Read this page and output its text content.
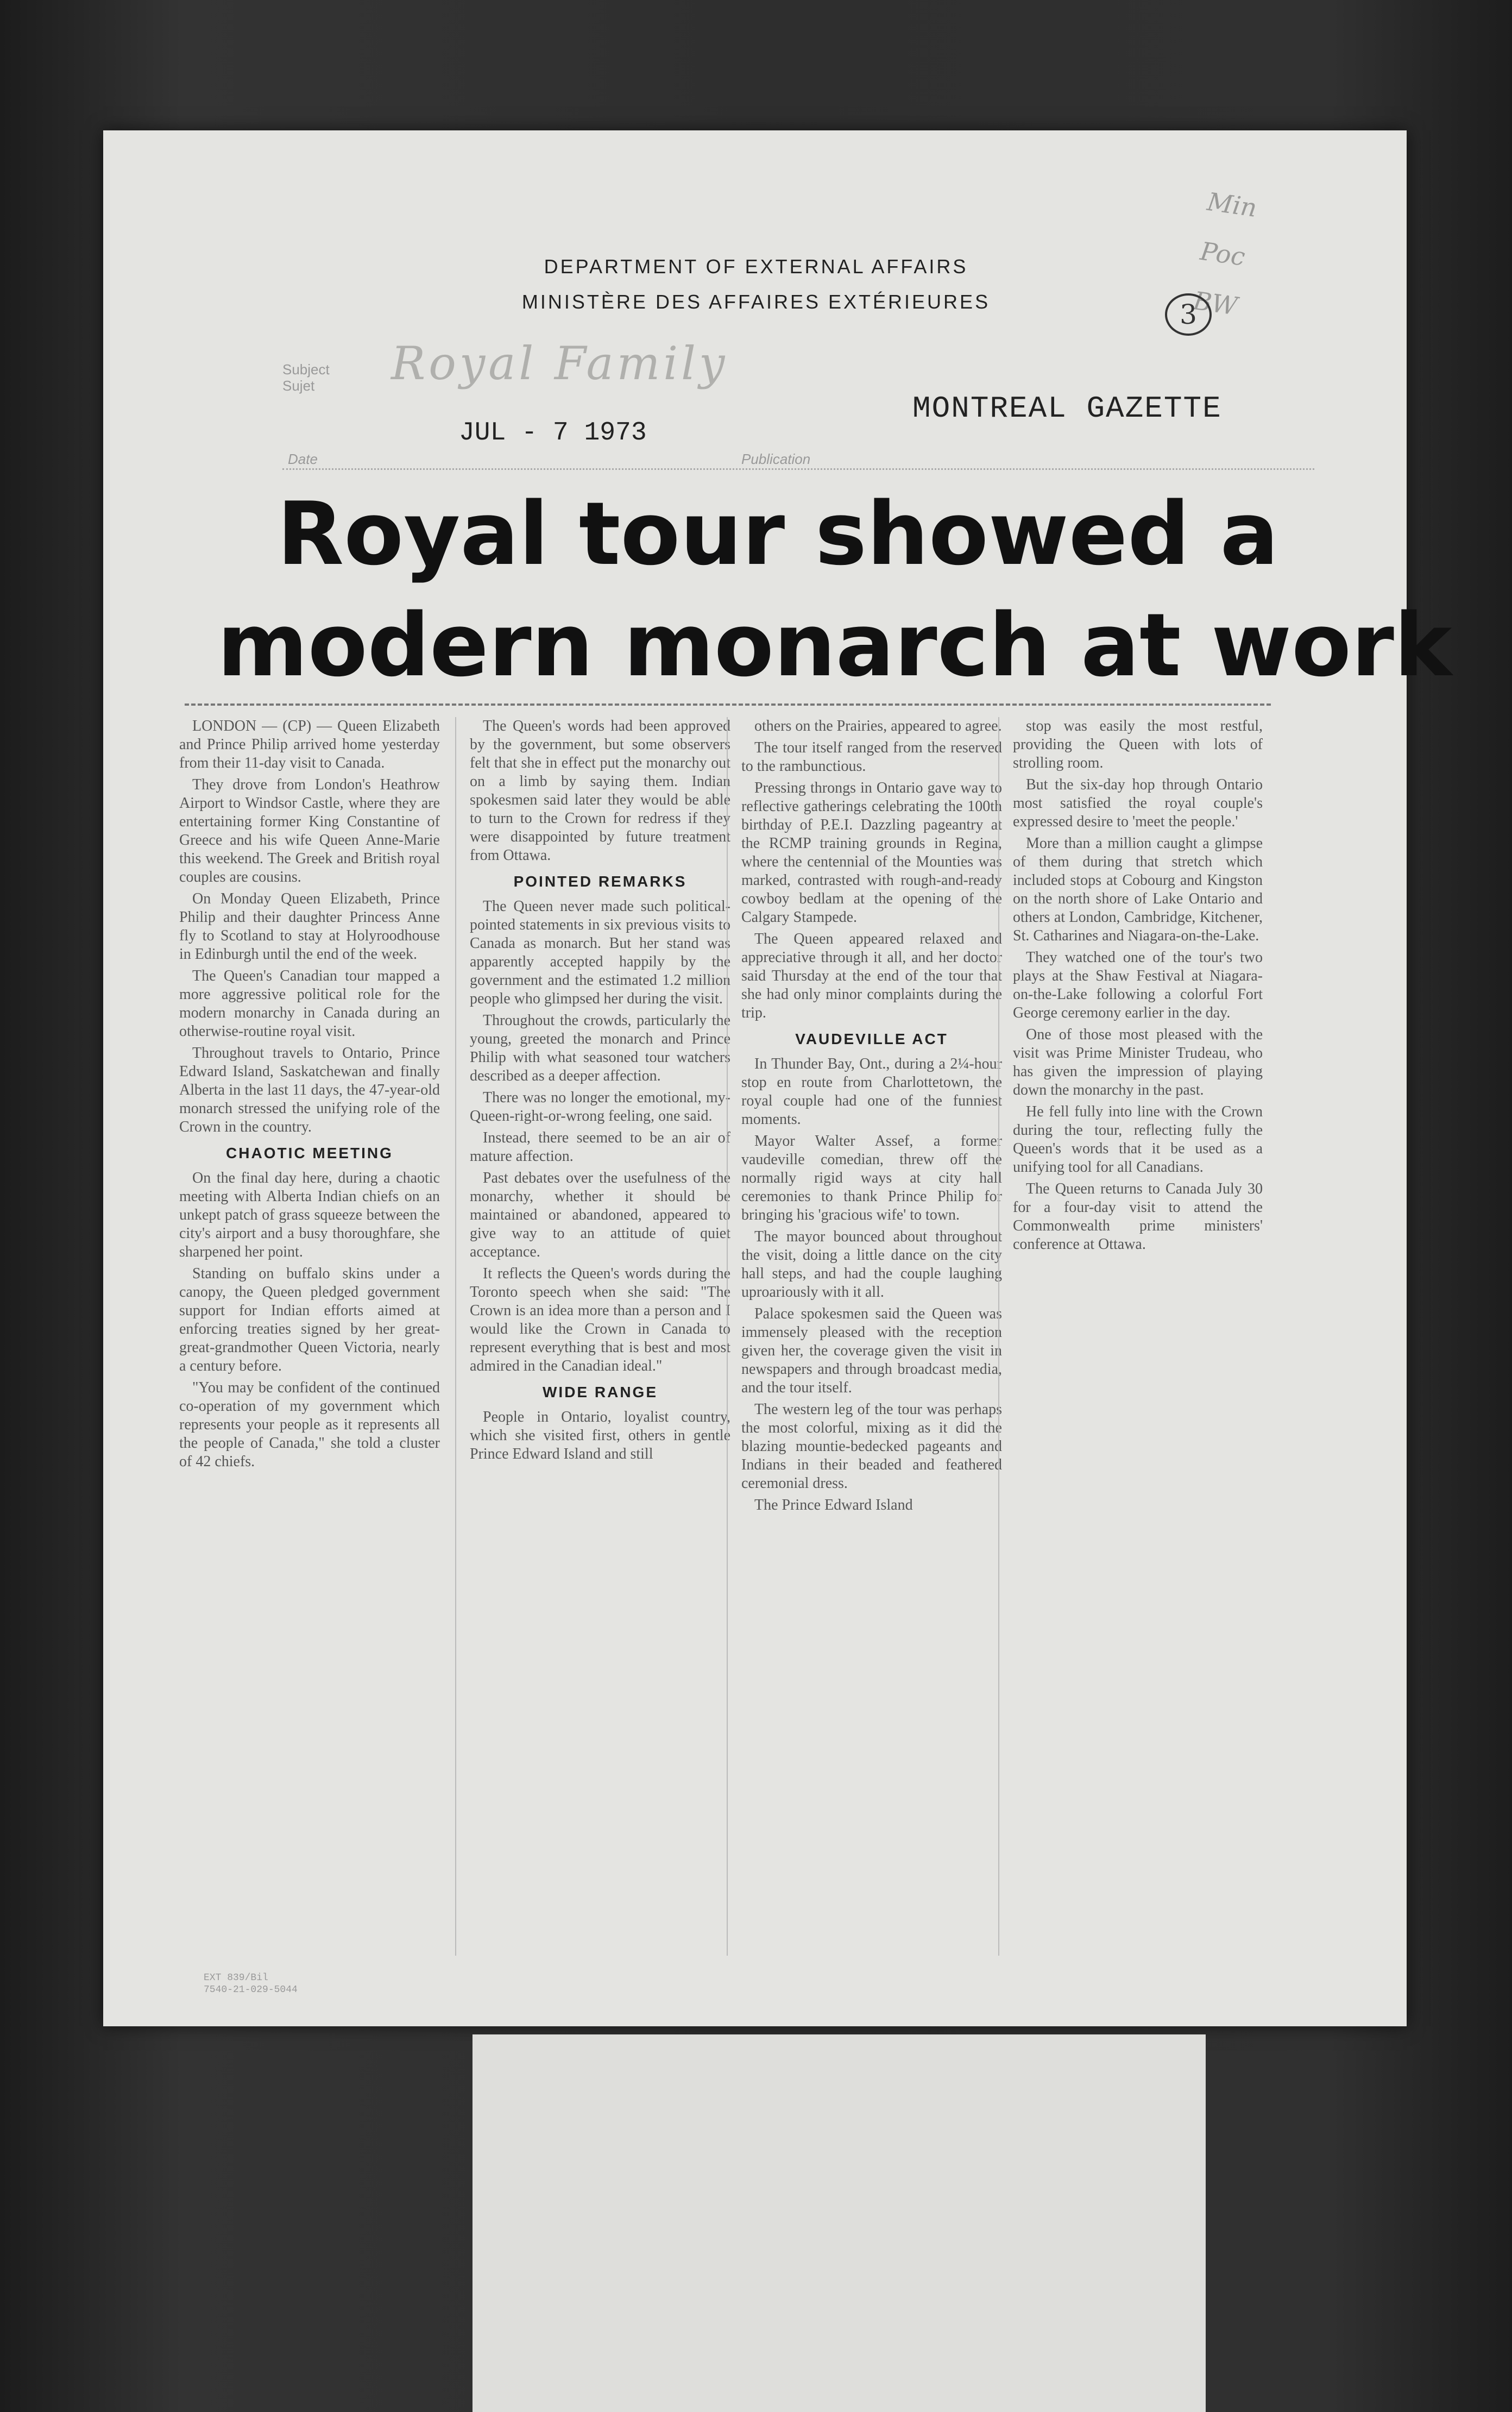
DEPARTMENT OF EXTERNAL AFFAIRS
MINISTÈRE DES AFFAIRES EXTÉRIEURES
Min
Poc
BW
3
Subject
Sujet	Royal Family
JUL - 7 1973
MONTREAL GAZETTE
Date	Publication
Royal tour showed a
modern monarch at work

LONDON — (CP) — Queen Elizabeth and Prince Philip arrived home yesterday from their 11-day visit to Canada.

They drove from London's Heathrow Airport to Windsor Castle, where they are entertaining former King Constantine of Greece and his wife Queen Anne-Marie this weekend. The Greek and British royal couples are cousins.

On Monday Queen Elizabeth, Prince Philip and their daughter Princess Anne fly to Scotland to stay at Holyroodhouse in Edinburgh until the end of the week.

The Queen's Canadian tour mapped a more aggressive political role for the modern monarchy in Canada during an otherwise-routine royal visit.

Throughout travels to Ontario, Prince Edward Island, Saskatchewan and finally Alberta in the last 11 days, the 47-year-old monarch stressed the unifying role of the Crown in the country.

CHAOTIC MEETING

On the final day here, during a chaotic meeting with Alberta Indian chiefs on an unkept patch of grass squeeze between the city's airport and a busy thoroughfare, she sharpened her point.

Standing on buffalo skins under a canopy, the Queen pledged government support for Indian efforts aimed at enforcing treaties signed by her great-great-grandmother Queen Victoria, nearly a century before.

"You may be confident of the continued co-operation of my government which represents your people as it represents all the people of Canada," she told a cluster of 42 chiefs.

The Queen's words had been approved by the government, but some observers felt that she in effect put the monarchy out on a limb by saying them. Indian spokesmen said later they would be able to turn to the Crown for redress if they were disappointed by future treatment from Ottawa.

POINTED REMARKS

The Queen never made such political-pointed statements in six previous visits to Canada as monarch. But her stand was apparently accepted happily by the government and the estimated 1.2 million people who glimpsed her during the visit.

Throughout the crowds, particularly the young, greeted the monarch and Prince Philip with what seasoned tour watchers described as a deeper affection.

There was no longer the emotional, my-Queen-right-or-wrong feeling, one said.

Instead, there seemed to be an air of mature affection.

Past debates over the usefulness of the monarchy, whether it should be maintained or abandoned, appeared to give way to an attitude of quiet acceptance.

It reflects the Queen's words during the Toronto speech when she said: "The Crown is an idea more than a person and I would like the Crown in Canada to represent everything that is best and most admired in the Canadian ideal."

WIDE RANGE

People in Ontario, loyalist country, which she visited first, others in gentle Prince Edward Island and still

others on the Prairies, appeared to agree.

The tour itself ranged from the reserved to the rambunctious.

Pressing throngs in Ontario gave way to reflective gatherings celebrating the 100th birthday of P.E.I. Dazzling pageantry at the RCMP training grounds in Regina, where the centennial of the Mounties was marked, contrasted with rough-and-ready cowboy bedlam at the opening of the Calgary Stampede.

The Queen appeared relaxed and appreciative through it all, and her doctor said Thursday at the end of the tour that she had only minor complaints during the trip.

VAUDEVILLE ACT

In Thunder Bay, Ont., during a 2¼-hour stop en route from Charlottetown, the royal couple had one of the funniest moments.

Mayor Walter Assef, a former vaudeville comedian, threw off the normally rigid ways at city hall ceremonies to thank Prince Philip for bringing his 'gracious wife' to town.

The mayor bounced about throughout the visit, doing a little dance on the city hall steps, and had the couple laughing uproariously with it all.

Palace spokesmen said the Queen was immensely pleased with the reception given her, the coverage given the visit in newspapers and through broadcast media, and the tour itself.

The western leg of the tour was perhaps the most colorful, mixing as it did the blazing mountie-bedecked pageants and Indians in their beaded and feathered ceremonial dress.

The Prince Edward Island

stop was easily the most restful, providing the Queen with lots of strolling room.

But the six-day hop through Ontario most satisfied the royal couple's expressed desire to 'meet the people.'

More than a million caught a glimpse of them during that stretch which included stops at Cobourg and Kingston on the north shore of Lake Ontario and others at London, Cambridge, Kitchener, St. Catharines and Niagara-on-the-Lake.

They watched one of the tour's two plays at the Shaw Festival at Niagara-on-the-Lake following a colorful Fort George ceremony earlier in the day.

One of those most pleased with the visit was Prime Minister Trudeau, who has given the impression of playing down the monarchy in the past.

He fell fully into line with the Crown during the tour, reflecting fully the Queen's words that it be used as a unifying tool for all Canadians.

The Queen returns to Canada July 30 for a four-day visit to attend the Commonwealth prime ministers' conference at Ottawa.

EXT 839/Bil
7540-21-029-5044
